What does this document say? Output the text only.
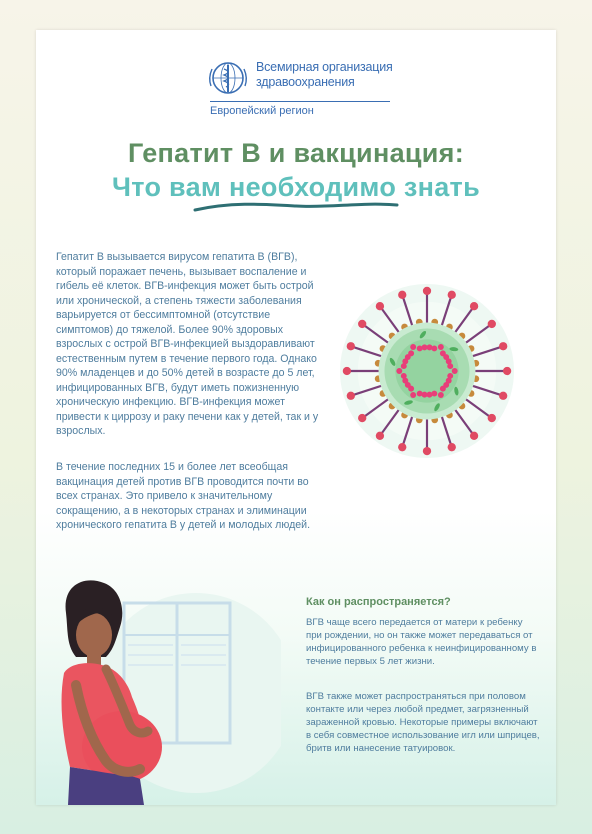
Всемирная организация здравоохранения
Европейский регион
Гепатит В и вакцинация:
Что вам необходимо знать

Гепатит В вызывается вирусом гепатита В (ВГВ), который поражает печень, вызывает воспаление и гибель её клеток. ВГВ-инфекция может быть острой или хронической, а степень тяжести заболевания варьируется от бессимптомной (отсутствие симптомов) до тяжелой. Более 90% здоровых взрослых с острой ВГВ-инфекцией выздоравливают естественным путем в течение первого года. Однако 90% младенцев и до 50% детей в возрасте до 5 лет, инфицированных ВГВ, будут иметь пожизненную хроническую инфекцию. ВГВ-инфекция может привести к циррозу и раку печени как у детей, так и у взрослых.

В течение последних 15 и более лет всеобщая вакцинация детей против ВГВ проводится почти во всех странах. Это привело к значительному сокращению, а в некоторых странах и элиминации хронического гепатита В у детей и молодых людей.

Как он распространяется?

ВГВ чаще всего передается от матери к ребенку при рождении, но он также может передаваться от инфицированного ребенка к неинфицированному в течение первых 5 лет жизни.

ВГВ также может распространяться при половом контакте или через любой предмет, загрязненный зараженной кровью. Некоторые примеры включают в себя совместное использование игл или шприцев, бритв или нанесение татуировок.
